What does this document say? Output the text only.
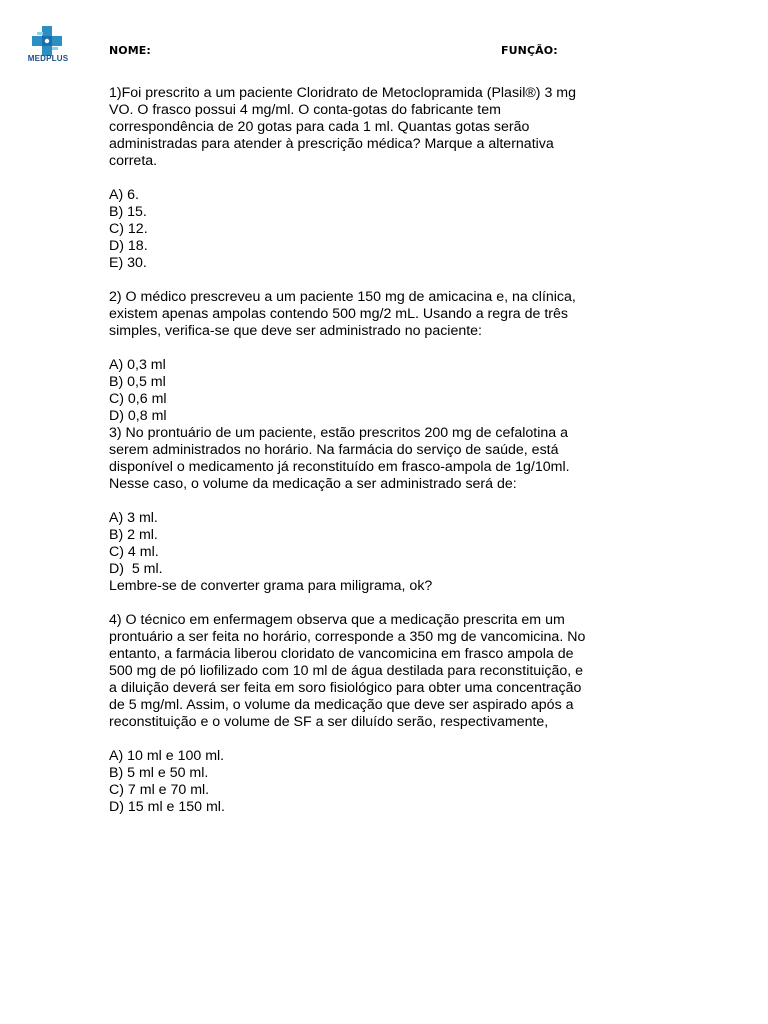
MEDPLUS
NOME:	FUNÇÃO:

1)Foi prescrito a um paciente Cloridrato de Metoclopramida (Plasil®) 3 mg

VO. O frasco possui 4 mg/ml. O conta-gotas do fabricante tem

correspondência de 20 gotas para cada 1 ml. Quantas gotas serão

administradas para atender à prescrição médica? Marque a alternativa

correta.

A) 6.

B) 15.

C) 12.

D) 18.

E) 30.

2) O médico prescreveu a um paciente 150 mg de amicacina e, na clínica,

existem apenas ampolas contendo 500 mg/2 mL. Usando a regra de três

simples, verifica-se que deve ser administrado no paciente:

A) 0,3 ml

B) 0,5 ml

C) 0,6 ml

D) 0,8 ml

3) No prontuário de um paciente, estão prescritos 200 mg de cefalotina a

serem administrados no horário. Na farmácia do serviço de saúde, está

disponível o medicamento já reconstituído em frasco-ampola de 1g/10ml.

Nesse caso, o volume da medicação a ser administrado será de:

A) 3 ml.

B) 2 ml.

C) 4 ml.

D)  5 ml.

Lembre-se de converter grama para miligrama, ok?

4) O técnico em enfermagem observa que a medicação prescrita em um

prontuário a ser feita no horário, corresponde a 350 mg de vancomicina. No

entanto, a farmácia liberou cloridato de vancomicina em frasco ampola de

500 mg de pó liofilizado com 10 ml de água destilada para reconstituição, e

a diluição deverá ser feita em soro fisiológico para obter uma concentração

de 5 mg/ml. Assim, o volume da medicação que deve ser aspirado após a

reconstituição e o volume de SF a ser diluído serão, respectivamente,

A) 10 ml e 100 ml.

B) 5 ml e 50 ml.

C) 7 ml e 70 ml.

D) 15 ml e 150 ml.
